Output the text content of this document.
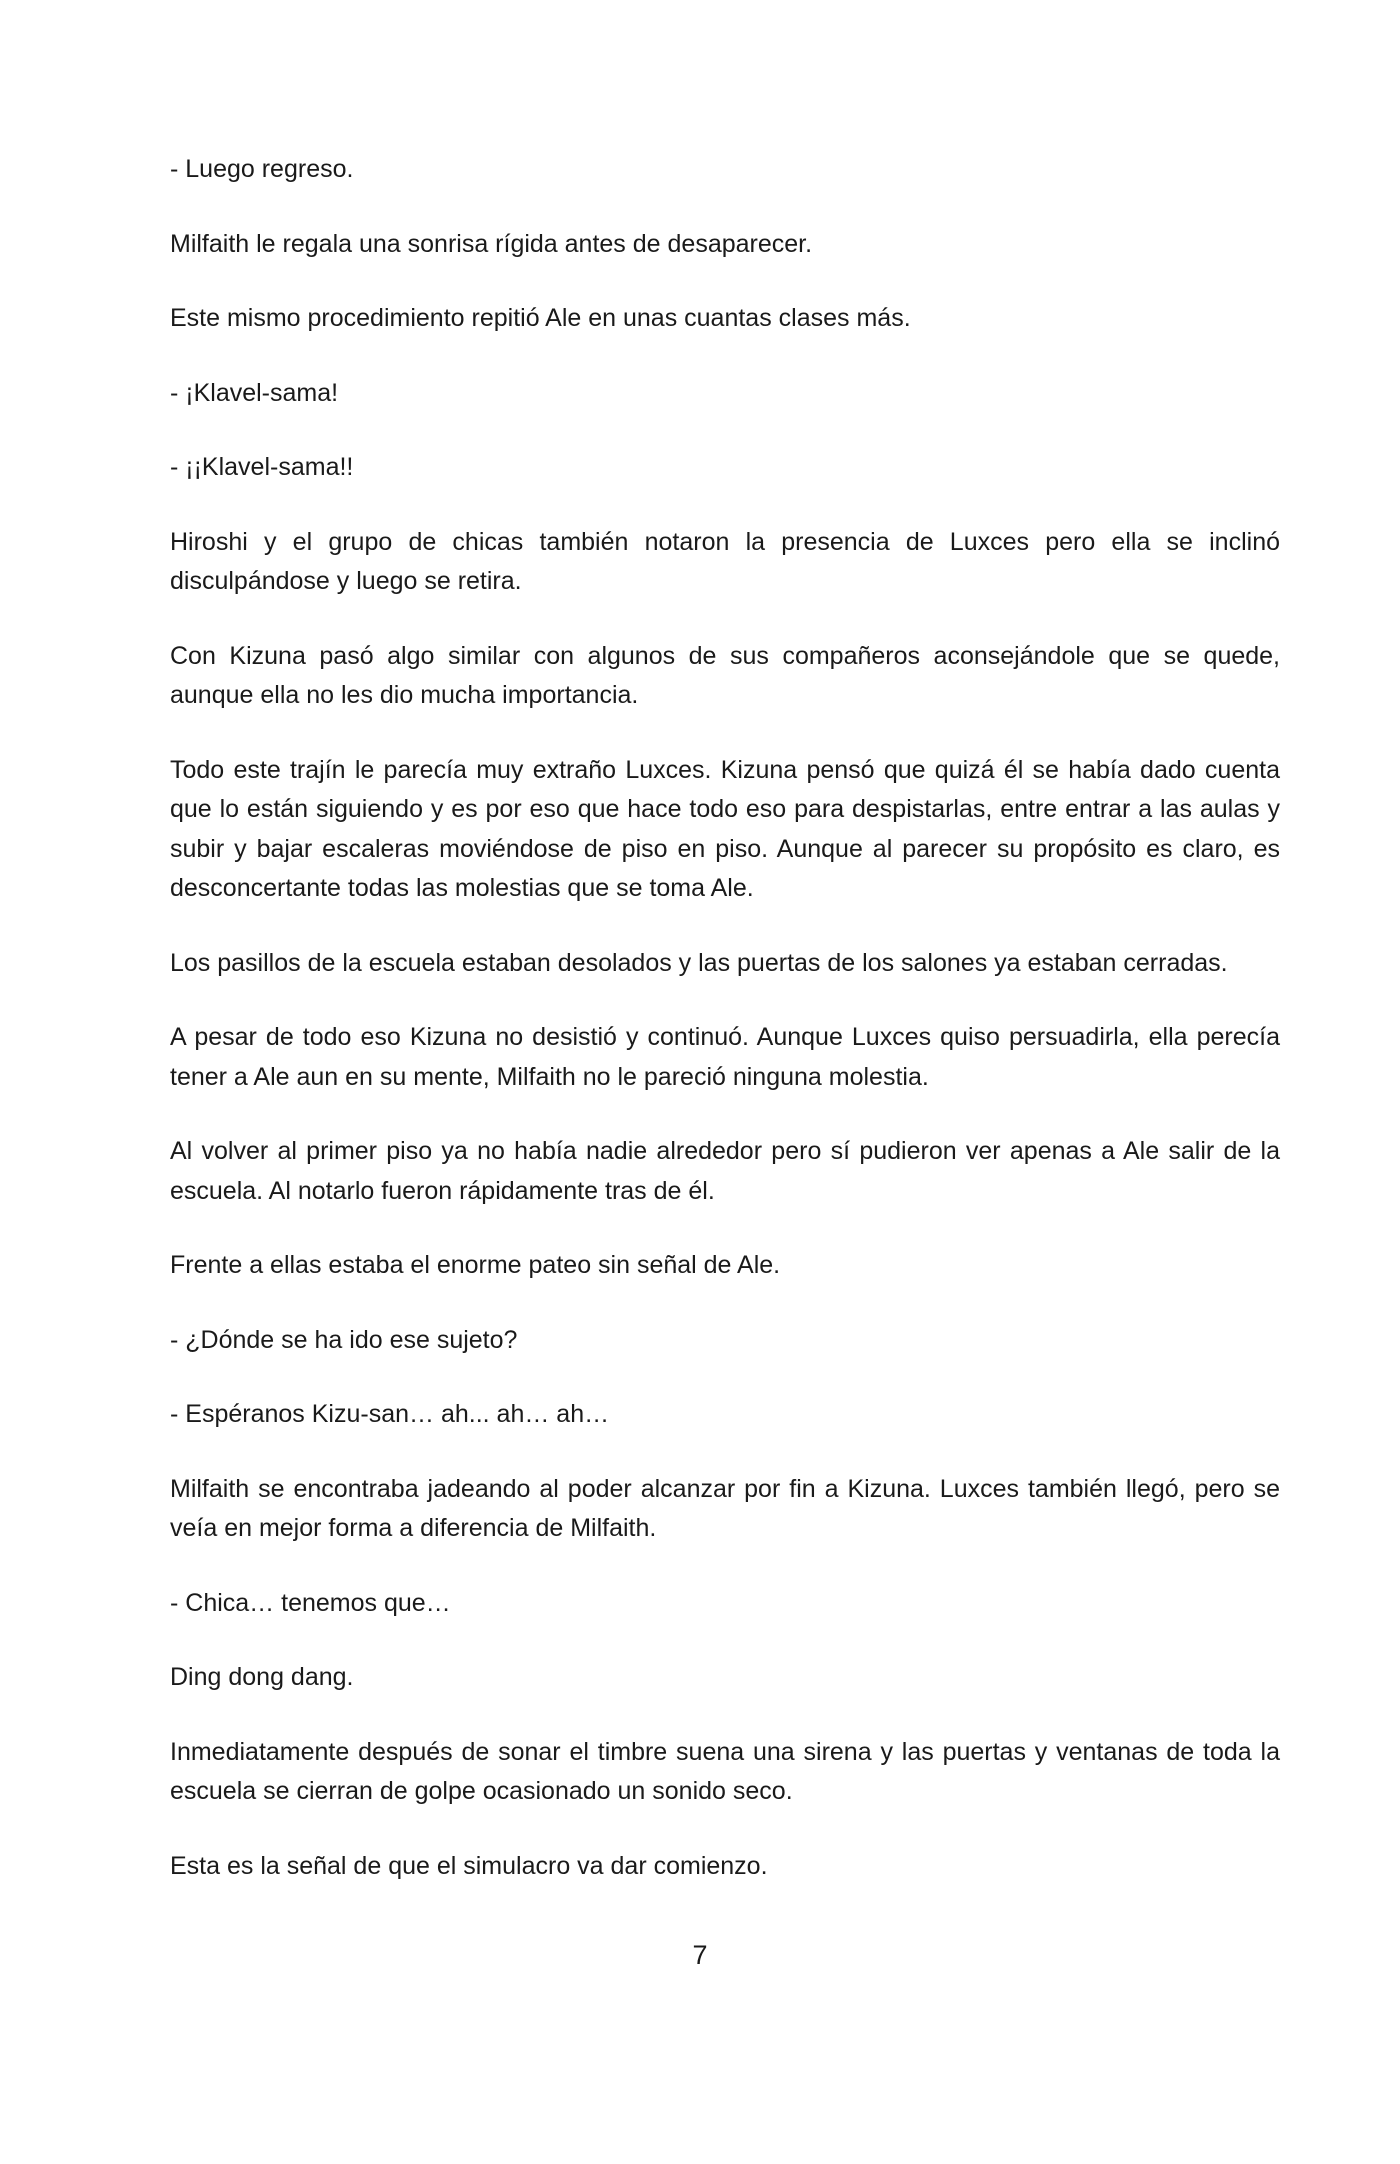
- Luego regreso.

Milfaith le regala una sonrisa rígida antes de desaparecer.

Este mismo procedimiento repitió Ale en unas cuantas clases más.

- ¡Klavel-sama!

- ¡¡Klavel-sama!!

Hiroshi y el grupo de chicas también notaron la presencia de Luxces pero ella se inclinó disculpándose y luego se retira.

Con Kizuna pasó algo similar con algunos de sus compañeros aconsejándole que se quede, aunque ella no les dio mucha importancia.

Todo este trajín le parecía muy extraño Luxces. Kizuna pensó que quizá él se había dado cuenta que lo están siguiendo y es por eso que hace todo eso para despistarlas, entre entrar a las aulas y subir y bajar escaleras moviéndose de piso en piso. Aunque al parecer su propósito es claro, es desconcertante todas las molestias que se toma Ale.

Los pasillos de la escuela estaban desolados y las puertas de los salones ya estaban cerradas.

A pesar de todo eso Kizuna no desistió y continuó. Aunque Luxces quiso persuadirla, ella perecía tener a Ale aun en su mente, Milfaith no le pareció ninguna molestia.

Al volver al primer piso ya no había nadie alrededor pero sí pudieron ver apenas a Ale salir de la escuela. Al notarlo fueron rápidamente tras de él.

Frente a ellas estaba el enorme pateo sin señal de Ale.

- ¿Dónde se ha ido ese sujeto?

- Espéranos Kizu-san… ah... ah… ah…

Milfaith se encontraba jadeando al poder alcanzar por fin a Kizuna. Luxces también llegó, pero se veía en mejor forma a diferencia de Milfaith.

- Chica… tenemos que…

Ding dong dang.

Inmediatamente después de sonar el timbre suena una sirena y las puertas y ventanas de toda la escuela se cierran de golpe ocasionado un sonido seco.

Esta es la señal de que el simulacro va dar comienzo.

7
